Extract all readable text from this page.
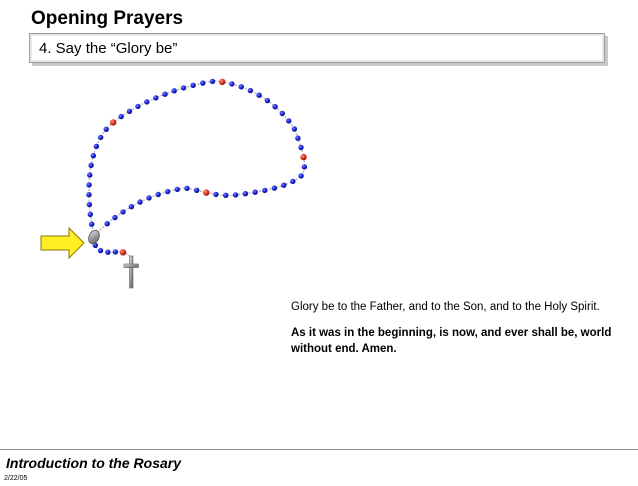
Opening Prayers
4. Say the “Glory be”

Glory be to the Father, and to the Son, and to the Holy Spirit.

As it was in the beginning, is now, and ever shall be, world without end. Amen.

Introduction to the Rosary
2/22/05
